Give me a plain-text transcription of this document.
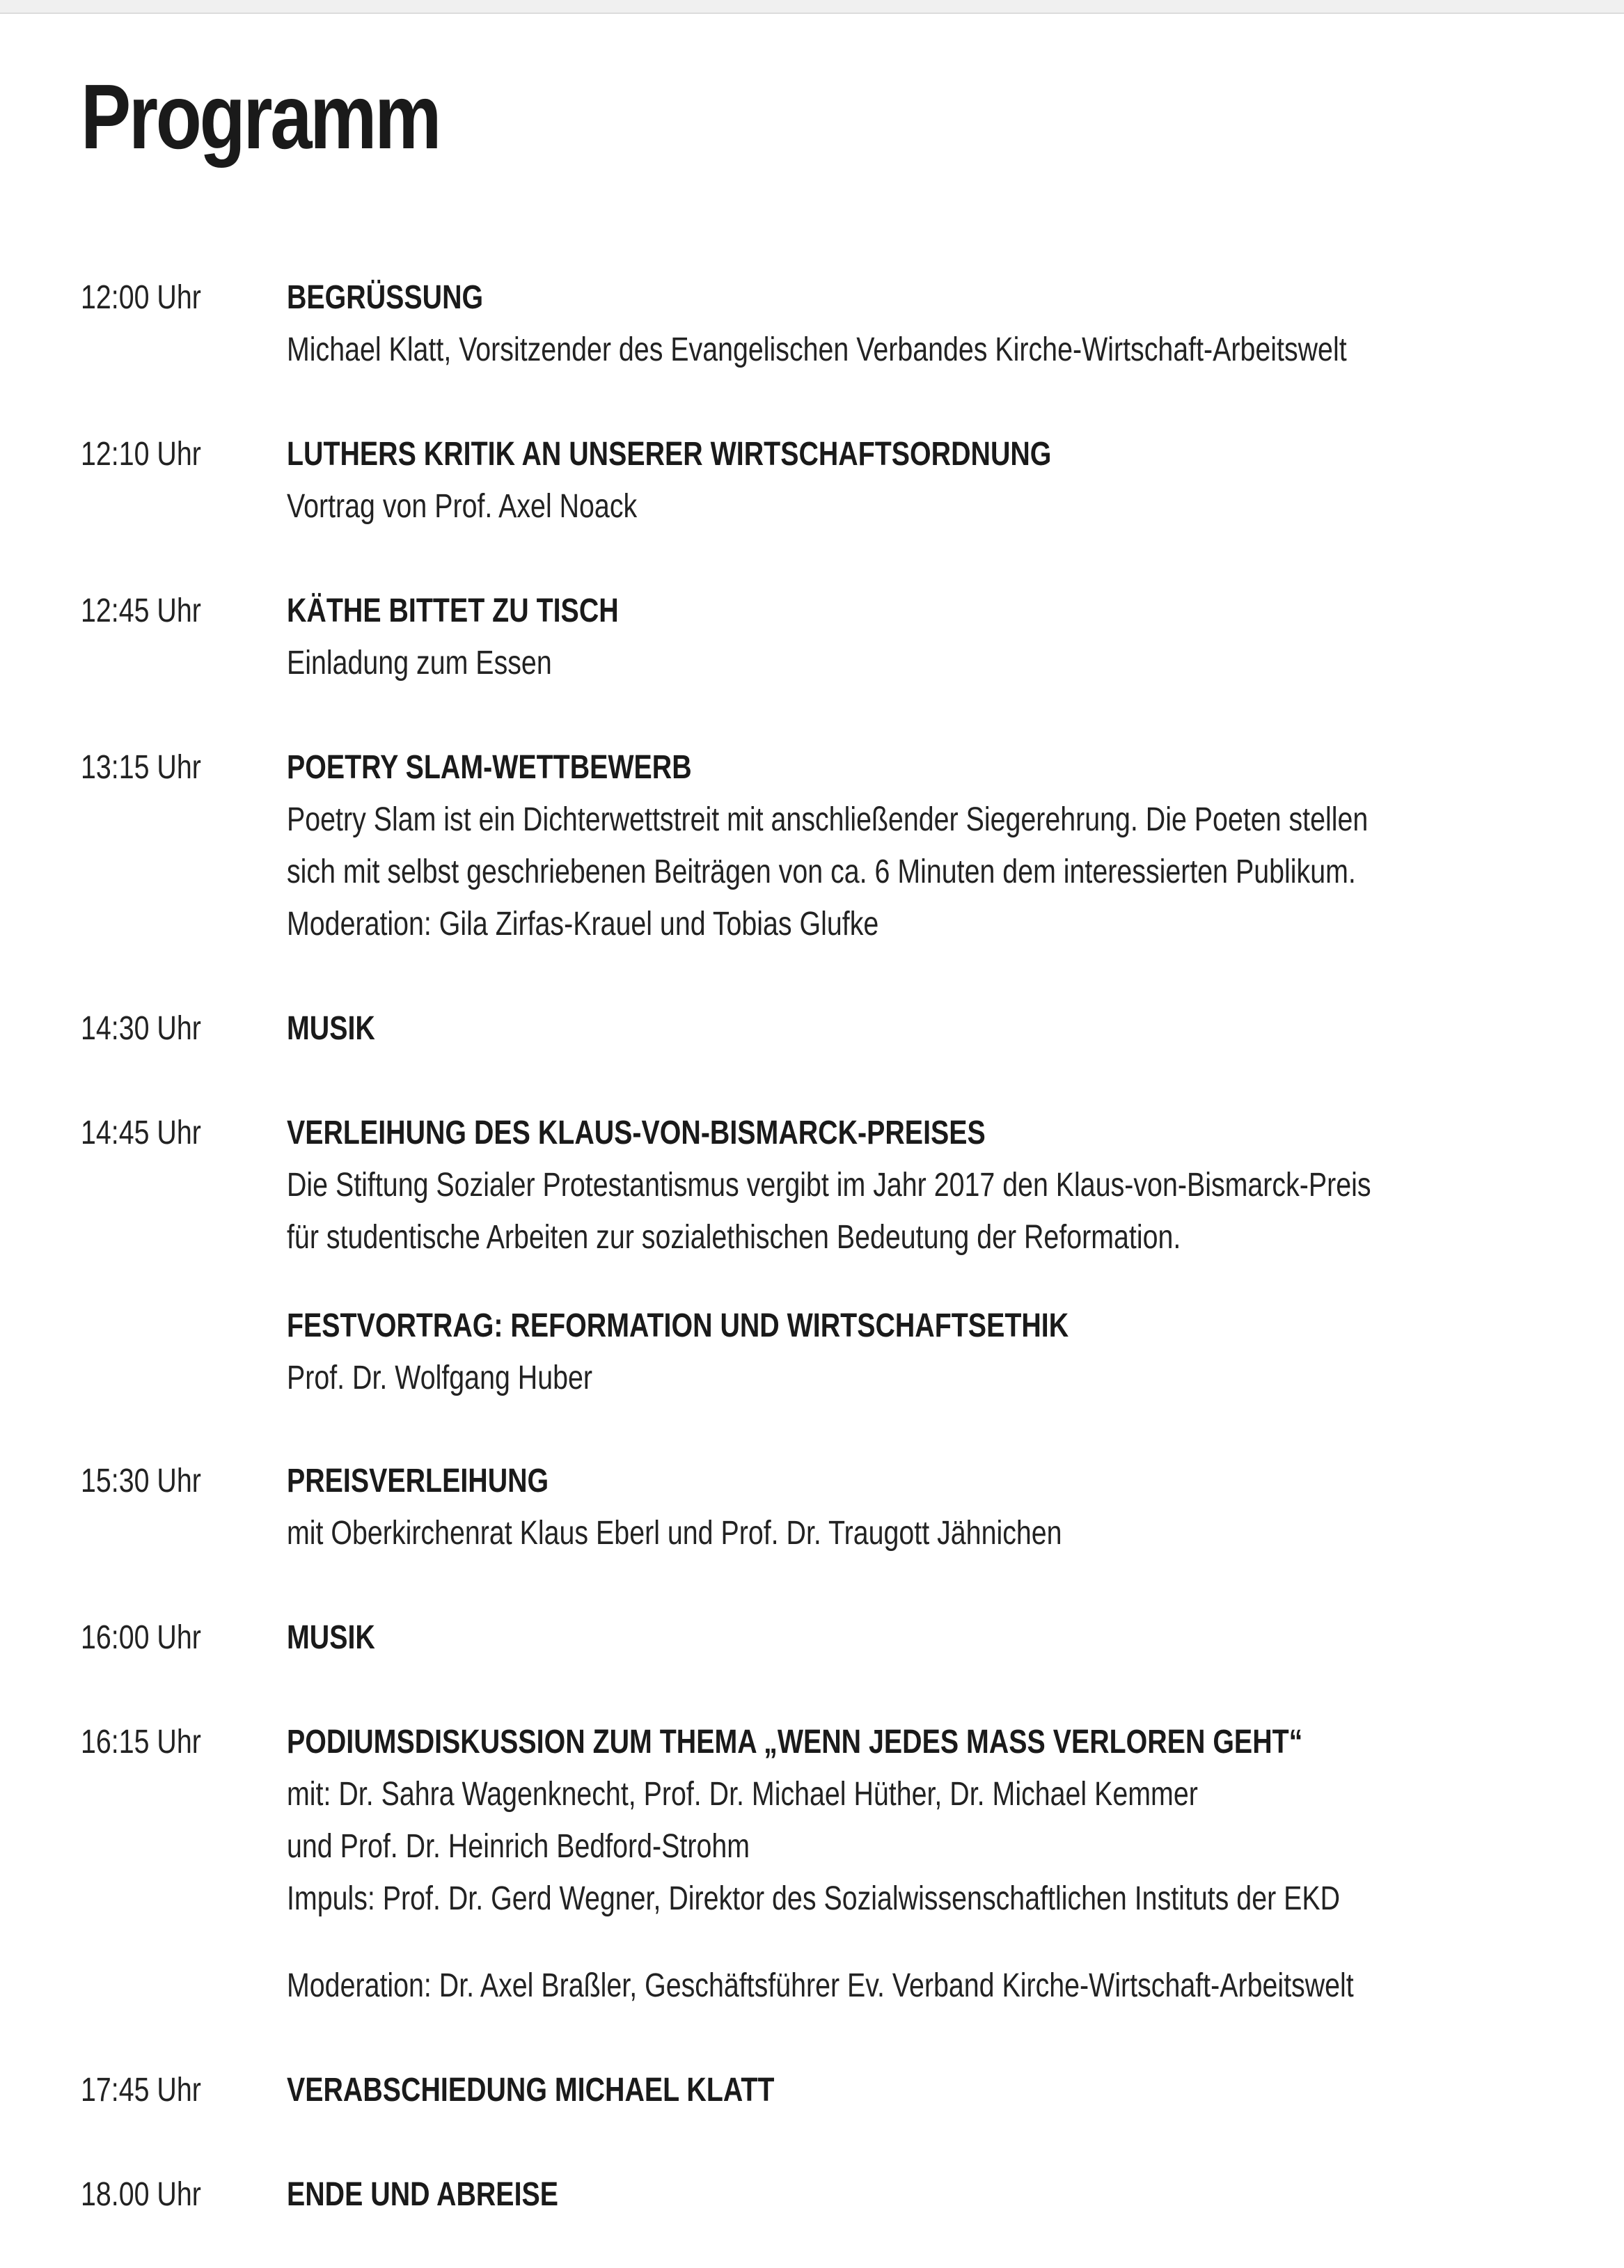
Programm
12:00 Uhr	BEGRÜSSUNG
Michael Klatt, Vorsitzender des Evangelischen Verbandes Kirche-Wirtschaft-Arbeitswelt
12:10 Uhr	LUTHERS KRITIK AN UNSERER WIRTSCHAFTSORDNUNG
Vortrag von Prof. Axel Noack
12:45 Uhr	KÄTHE BITTET ZU TISCH
Einladung zum Essen
13:15 Uhr	POETRY SLAM-WETTBEWERB
Poetry Slam ist ein Dichterwettstreit mit anschließender Siegerehrung. Die Poeten stellen
sich mit selbst geschriebenen Beiträgen von ca. 6 Minuten dem interessierten Publikum.
Moderation: Gila Zirfas-Krauel und Tobias Glufke
14:30 Uhr	MUSIK
14:45 Uhr	VERLEIHUNG DES KLAUS-VON-BISMARCK-PREISES
Die Stiftung Sozialer Protestantismus vergibt im Jahr 2017 den Klaus-von-Bismarck-Preis
für studentische Arbeiten zur sozialethischen Bedeutung der Reformation.
FESTVORTRAG: REFORMATION UND WIRTSCHAFTSETHIK
Prof. Dr. Wolfgang Huber
15:30 Uhr	PREISVERLEIHUNG
mit Oberkirchenrat Klaus Eberl und Prof. Dr. Traugott Jähnichen
16:00 Uhr	MUSIK
16:15 Uhr	PODIUMSDISKUSSION ZUM THEMA „WENN JEDES MASS VERLOREN GEHT“
mit: Dr. Sahra Wagenknecht, Prof. Dr. Michael Hüther, Dr. Michael Kemmer
und Prof. Dr. Heinrich Bedford-Strohm
Impuls: Prof. Dr. Gerd Wegner, Direktor des Sozialwissenschaftlichen Instituts der EKD
Moderation: Dr. Axel Braßler, Geschäftsführer Ev. Verband Kirche-Wirtschaft-Arbeitswelt
17:45 Uhr	VERABSCHIEDUNG MICHAEL KLATT
18.00 Uhr	ENDE UND ABREISE
